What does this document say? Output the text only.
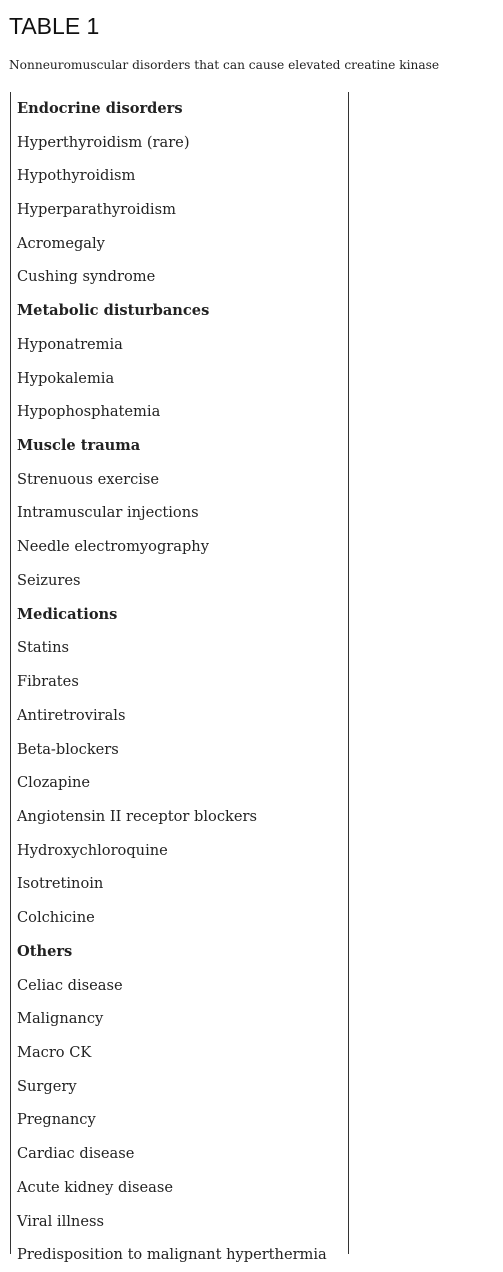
TABLE 1

Nonneuromuscular disorders that can cause elevated creatine kinase

Endocrine disorders
Hyperthyroidism (rare)
Hypothyroidism
Hyperparathyroidism
Acromegaly
Cushing syndrome
Metabolic disturbances
Hyponatremia
Hypokalemia
Hypophosphatemia
Muscle trauma
Strenuous exercise
Intramuscular injections
Needle electromyography
Seizures
Medications
Statins
Fibrates
Antiretrovirals
Beta-blockers
Clozapine
Angiotensin II receptor blockers
Hydroxychloroquine
Isotretinoin
Colchicine
Others
Celiac disease
Malignancy
Macro CK
Surgery
Pregnancy
Cardiac disease
Acute kidney disease
Viral illness
Predisposition to malignant hyperthermia
